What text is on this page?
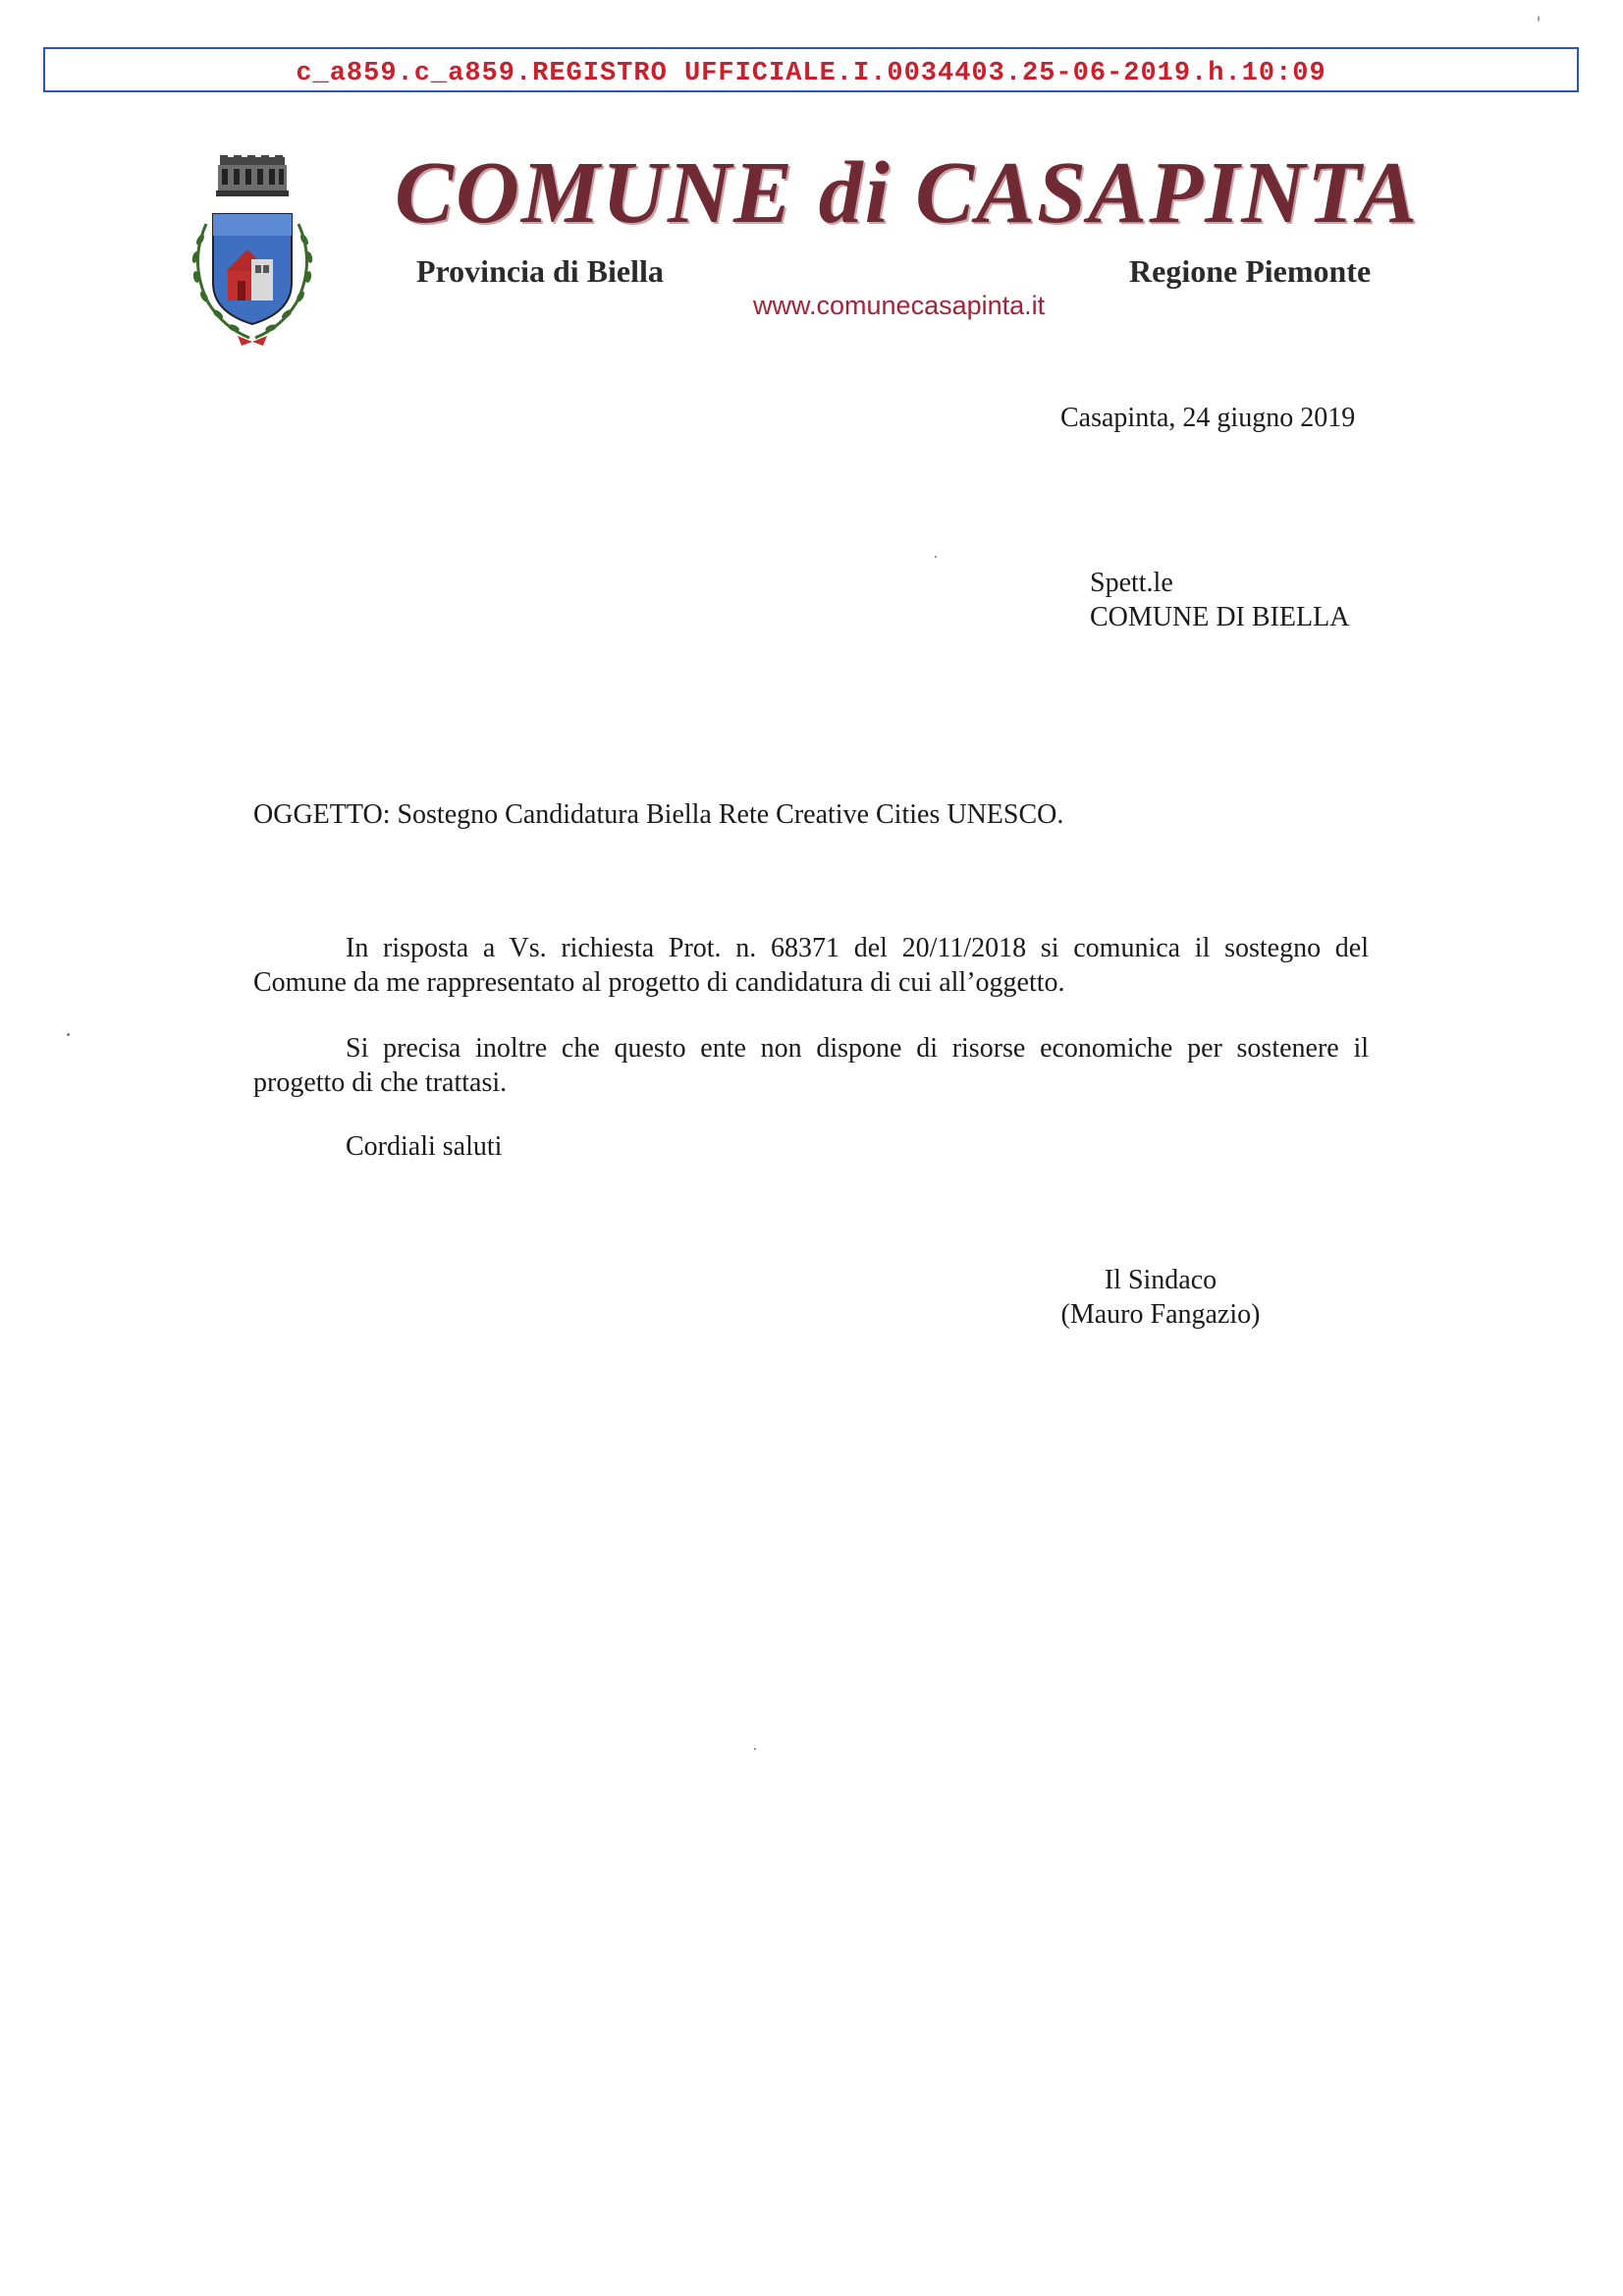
c_a859.c_a859.REGISTRO UFFICIALE.I.0034403.25-06-2019.h.10:09
COMUNE di CASAPINTA
Provincia di Biella	Regione Piemonte
www.comunecasapinta.it
Casapinta, 24 giugno 2019
Spett.le
COMUNE DI BIELLA
OGGETTO: Sostegno Candidatura Biella Rete Creative Cities UNESCO.
In risposta a Vs. richiesta Prot. n. 68371 del 20/11/2018 si comunica il sostegno del
Comune da me rappresentato al progetto di candidatura di cui all’oggetto.
Si precisa inoltre che questo ente non dispone di risorse economiche per sostenere il
progetto di che trattasi.
Cordiali saluti
Il Sindaco
(Mauro Fangazio)
